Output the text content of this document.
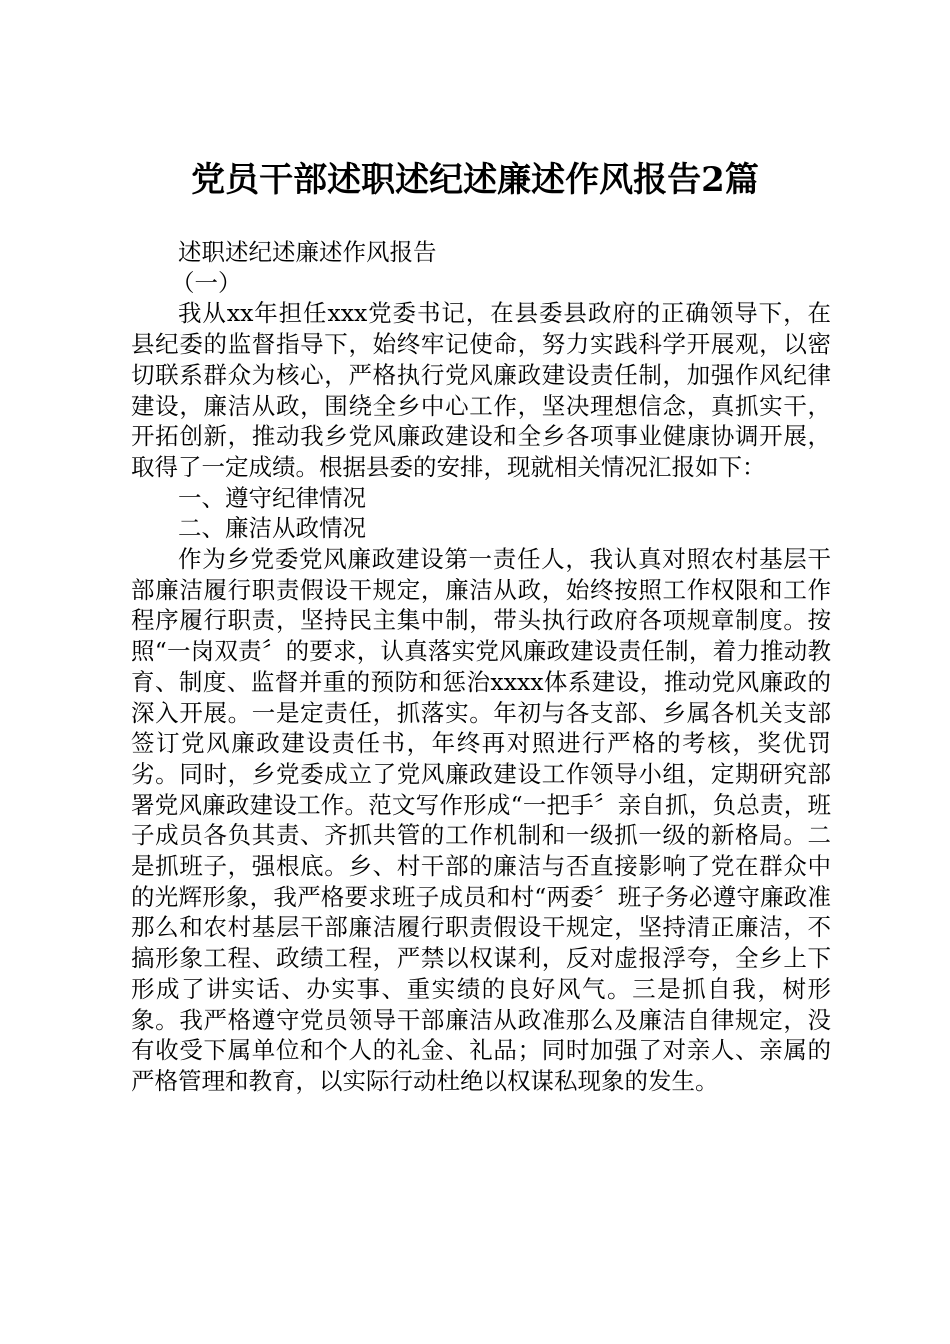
党员干部述职述纪述廉述作风报告2篇

述职述纪述廉述作风报告

（一）

我从xx年担任xxx党委书记，在县委县政府的正确领导下，在县纪委的监督指导下，始终牢记使命，努力实践科学开展观，以密切联系群众为核心，严格执行党风廉政建设责任制，加强作风纪律建设，廉洁从政，围绕全乡中心工作，坚决理想信念，真抓实干，开拓创新，推动我乡党风廉政建设和全乡各项事业健康协调开展，取得了一定成绩。根据县委的安排，现就相关情况汇报如下：

一、遵守纪律情况

二、廉洁从政情况

作为乡党委党风廉政建设第一责任人，我认真对照农村基层干部廉洁履行职责假设干规定，廉洁从政，始终按照工作权限和工作程序履行职责，坚持民主集中制，带头执行政府各项规章制度。按照“一岗双责〞的要求，认真落实党风廉政建设责任制，着力推动教育、制度、监督并重的预防和惩治xxxx体系建设，推动党风廉政的深入开展。一是定责任，抓落实。年初与各支部、乡属各机关支部签订党风廉政建设责任书，年终再对照进行严格的考核，奖优罚劣。同时，乡党委成立了党风廉政建设工作领导小组，定期研究部署党风廉政建设工作。范文写作形成“一把手〞亲自抓，负总责，班子成员各负其责、齐抓共管的工作机制和一级抓一级的新格局。二是抓班子，强根底。乡、村干部的廉洁与否直接影响了党在群众中的光辉形象，我严格要求班子成员和村“两委〞班子务必遵守廉政准那么和农村基层干部廉洁履行职责假设干规定，坚持清正廉洁，不搞形象工程、政绩工程，严禁以权谋利，反对虚报浮夸，全乡上下形成了讲实话、办实事、重实绩的良好风气。三是抓自我，树形象。我严格遵守党员领导干部廉洁从政准那么及廉洁自律规定，没有收受下属单位和个人的礼金、礼品；同时加强了对亲人、亲属的严格管理和教育，以实际行动杜绝以权谋私现象的发生。
